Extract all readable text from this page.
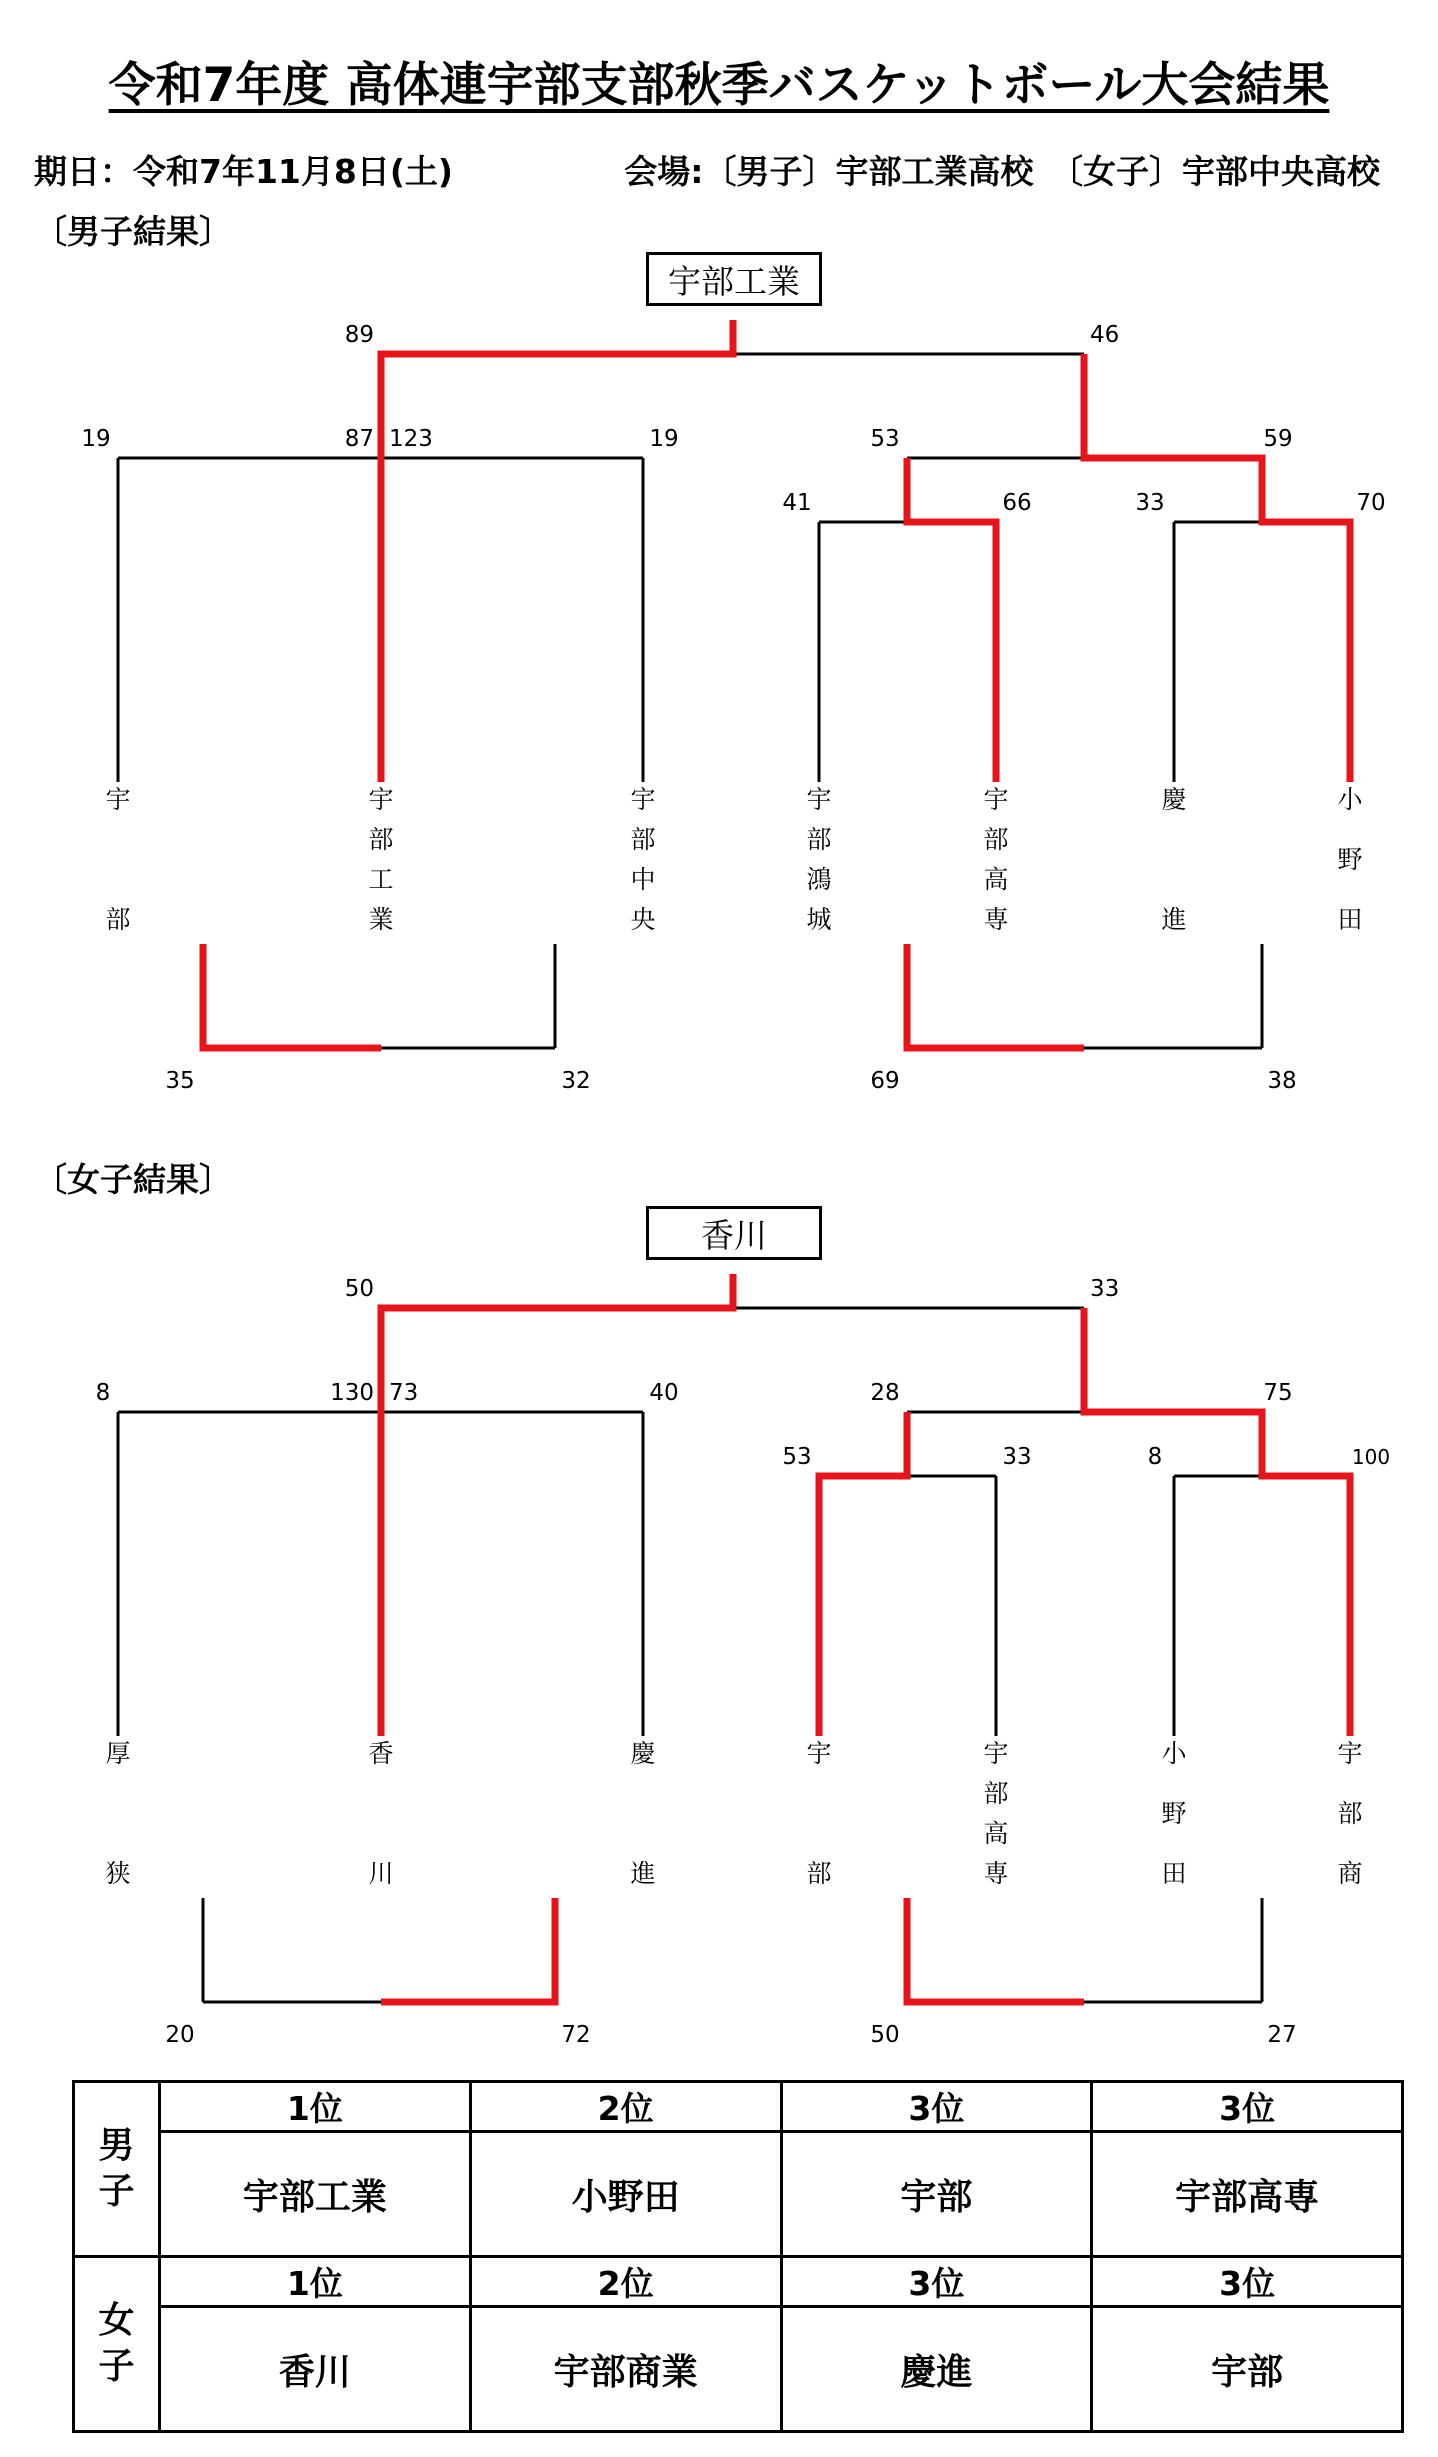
令和7年度 高体連宇部支部秋季バスケットボール大会結果
期日：令和7年11月8日(土)	会場:〔男子〕宇部工業高校　〔女子〕宇部中央高校
〔男子結果〕
宇部工業
89	46
87 123
19	19	53	59
41	66	33	70
35	32	69	38
宇
部
宇
部
工
業
宇
部
中
央
宇
部
鴻
城
宇
部
高
専
慶
進
小
野
田
〔女子結果〕
香川
50	33
130 73
8	40	28	75
53	33	8	100
20	72	50	27
厚
狭
香
川
慶
進
宇
部
宇
部
高
専
小
野
田
宇
部
商
男子	1位	2位	3位	3位
	宇部工業	小野田	宇部	宇部高専
女子	1位	2位	3位	3位
	香川	宇部商業	慶進	宇部
